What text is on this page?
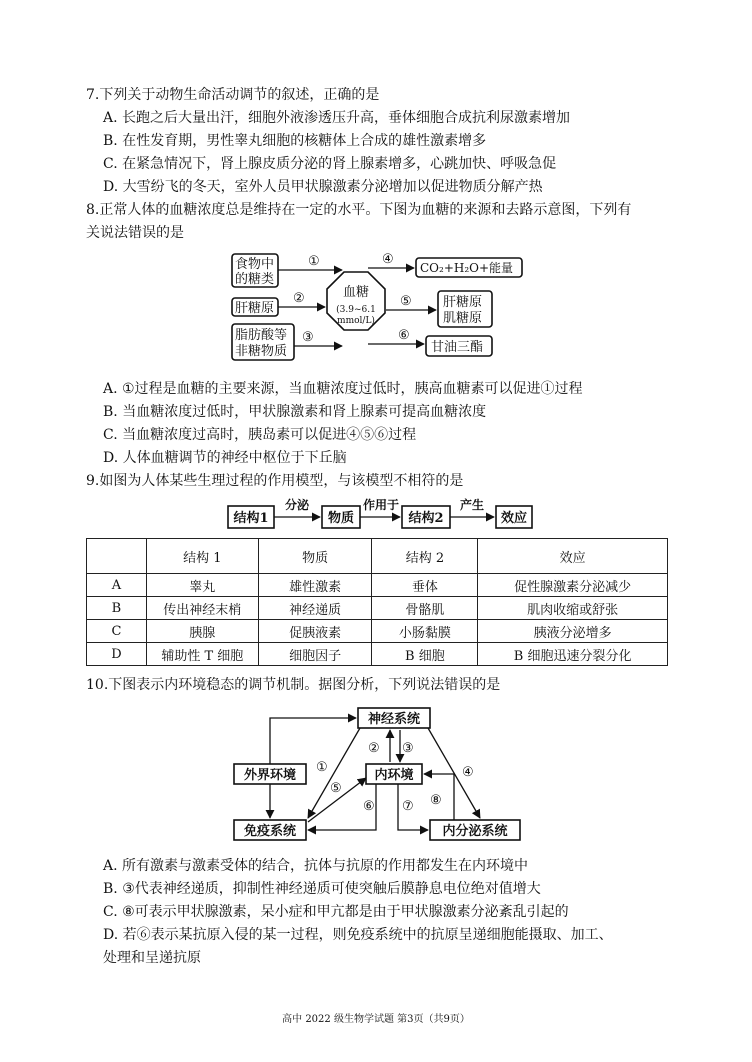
7.下列关于动物生命活动调节的叙述，正确的是
A. 长跑之后大量出汗，细胞外液渗透压升高，垂体细胞合成抗利尿激素增加
B. 在性发育期，男性睾丸细胞的核糖体上合成的雄性激素增多
C. 在紧急情况下，肾上腺皮质分泌的肾上腺素增多，心跳加快、呼吸急促
D. 大雪纷飞的冬天，室外人员甲状腺激素分泌增加以促进物质分解产热
8.正常人体的血糖浓度总是维持在一定的水平。下图为血糖的来源和去路示意图，下列有
关说法错误的是
食物中
的糖类
肝糖原
脂肪酸等
非糖物质
血糖
(3.9~6.1
mmol/L)
①
②
③
④
⑤
⑥
CO₂+H₂O+能量
肝糖原
肌糖原
甘油三酯
A. ①过程是血糖的主要来源，当血糖浓度过低时，胰高血糖素可以促进①过程
B. 当血糖浓度过低时，甲状腺激素和肾上腺素可提高血糖浓度
C. 当血糖浓度过高时，胰岛素可以促进④⑤⑥过程
D. 人体血糖调节的神经中枢位于下丘脑
9.如图为人体某些生理过程的作用模型，与该模型不相符的是
结构1
分泌
物质
作用于
结构2
产生
效应
	结构 1	物质	结构 2	效应
A	睾丸	雄性激素	垂体	促性腺激素分泌减少
B	传出神经末梢	神经递质	骨骼肌	肌肉收缩或舒张
C	胰腺	促胰液素	小肠黏膜	胰液分泌增多
D	辅助性 T 细胞	细胞因子	B 细胞	B 细胞迅速分裂分化
10.下图表示内环境稳态的调节机制。据图分析，下列说法错误的是
神经系统
外界环境	内环境
免疫系统	内分泌系统
①
② ③
④
⑤
⑥ ⑦ ⑧
A. 所有激素与激素受体的结合，抗体与抗原的作用都发生在内环境中
B. ③代表神经递质，抑制性神经递质可使突触后膜静息电位绝对值增大
C. ⑧可表示甲状腺激素，呆小症和甲亢都是由于甲状腺激素分泌紊乱引起的
D. 若⑥表示某抗原入侵的某一过程，则免疫系统中的抗原呈递细胞能摄取、加工、
处理和呈递抗原
高中 2022 级生物学试题 第3页（共9页）
